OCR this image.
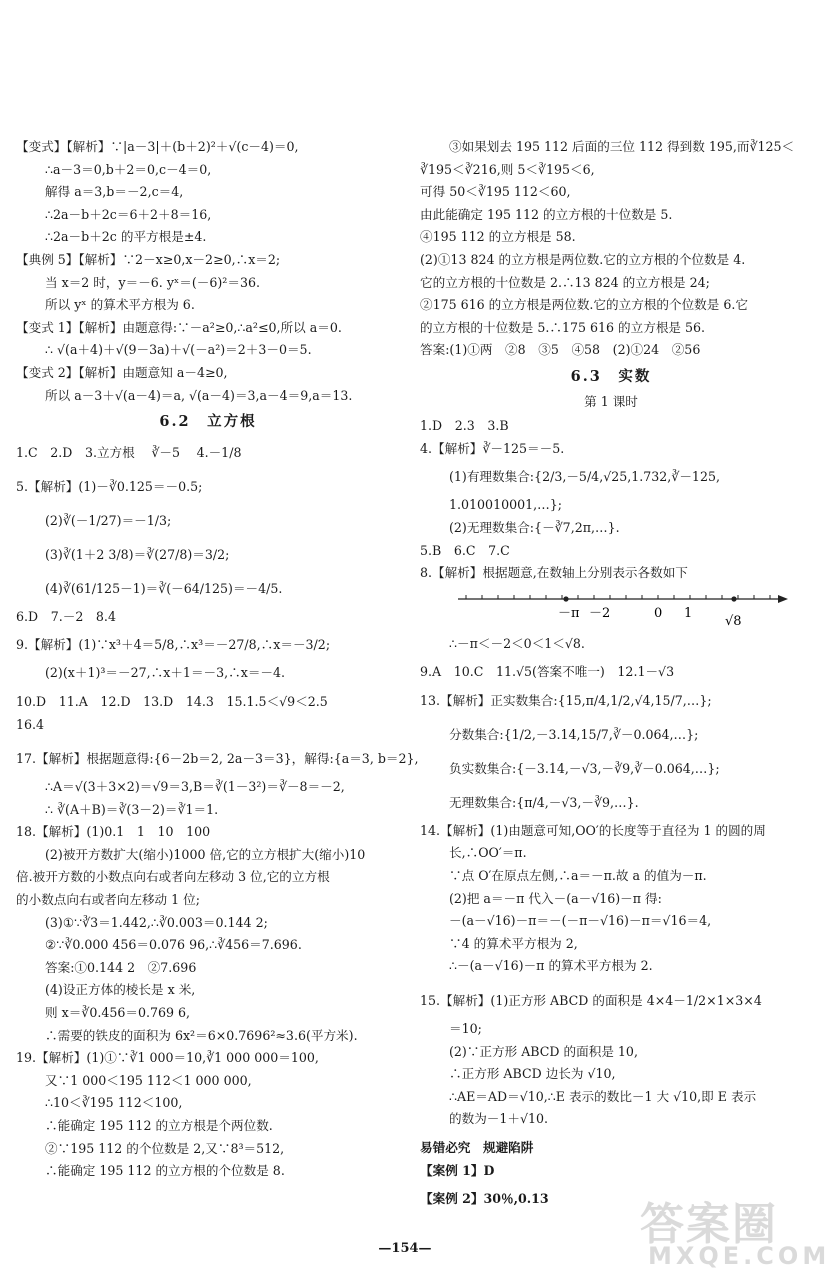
【变式】【解析】∵|a－3|＋(b＋2)²＋√(c－4)＝0,
∴a－3＝0,b＋2＝0,c－4＝0,
解得 a＝3,b＝－2,c＝4,
∴2a－b＋2c＝6＋2＋8＝16,
∴2a－b＋2c 的平方根是±4.
【典例 5】【解析】∵2－x≥0,x－2≥0,∴x＝2;
当 x＝2 时，y＝－6. yˣ＝(－6)²＝36.
所以 yˣ 的算术平方根为 6.
【变式 1】【解析】由题意得:∵－a²≥0,∴a²≤0,所以 a＝0.
∴ √(a＋4)＋√(9－3a)＋√(－a²)＝2＋3－0＝5.
【变式 2】【解析】由题意知 a－4≥0,
所以 a－3＋√(a－4)＝a, √(a－4)＝3,a－4＝9,a＝13.
6.2　立方根
1.C　2.D　3.立方根　 ∛－5 　4.－1/8
5.【解析】(1)－∛0.125＝－0.5;
(2)∛(－1/27)＝－1/3;
(3)∛(1＋2 3/8)＝∛(27/8)＝3/2;
(4)∛(61/125－1)＝∛(－64/125)＝－4/5.
6.D　7.－2　8.4
9.【解析】(1)∵x³＋4＝5/8,∴x³＝－27/8,∴x＝－3/2;
(2)(x＋1)³＝－27,∴x＋1＝－3,∴x＝－4.
10.D　11.A　12.D　13.D　14.3　15.1.5＜√9＜2.5
16.4
17.【解析】根据题意得:{6－2b＝2, 2a－3＝3}，解得:{a＝3, b＝2},
∴A＝√(3＋3×2)＝√9＝3,B＝∛(1－3²)＝∛－8＝－2,
∴ ∛(A＋B)＝∛(3－2)＝∛1＝1.
18.【解析】(1)0.1　1　10　100
(2)被开方数扩大(缩小)1000 倍,它的立方根扩大(缩小)10
倍.被开方数的小数点向右或者向左移动 3 位,它的立方根
的小数点向右或者向左移动 1 位;
(3)①∵∛3＝1.442,∴∛0.003＝0.144 2;
②∵∛0.000 456＝0.076 96,∴∛456＝7.696.
答案:①0.144 2　②7.696
(4)设正方体的棱长是 x 米,
则 x＝∛0.456＝0.769 6,
∴需要的铁皮的面积为 6x²＝6×0.7696²≈3.6(平方米).
19.【解析】(1)①∵∛1 000＝10,∛1 000 000＝100,
又∵1 000＜195 112＜1 000 000,
∴10＜∛195 112＜100,
∴能确定 195 112 的立方根是个两位数.
②∵195 112 的个位数是 2,又∵8³＝512,
∴能确定 195 112 的立方根的个位数是 8.
③如果划去 195 112 后面的三位 112 得到数 195,而∛125＜
∛195＜∛216,则 5＜∛195＜6,
可得 50＜∛195 112＜60,
由此能确定 195 112 的立方根的十位数是 5.
④195 112 的立方根是 58.
(2)①13 824 的立方根是两位数.它的立方根的个位数是 4.
它的立方根的十位数是 2.∴13 824 的立方根是 24;
②175 616 的立方根是两位数.它的立方根的个位数是 6.它
的立方根的十位数是 5.∴175 616 的立方根是 56.
答案:(1)①两　②8　③5　④58　(2)①24　②56
6.3　实数
第 1 课时
1.D　2.3　3.B
4.【解析】∛－125＝－5.
(1)有理数集合:{2/3,－5/4,√25,1.732,∛－125,
1.010010001,…};
(2)无理数集合:{－∛7,2π,…}.
5.B　6.C　7.C
8.【解析】根据题意,在数轴上分别表示各数如下
－π －2	0 1
√8
∴－π＜－2＜0＜1＜√8.
9.A　10.C　11.√5(答案不唯一)　12.1－√3
13.【解析】正实数集合:{15,π/4,1/2,√4,15/7,…};
分数集合:{1/2,－3.14,15/7,∛－0.064,…};
负实数集合:{－3.14,－√3,－∛9,∛－0.064,…};
无理数集合:{π/4,－√3,－∛9,…}.
14.【解析】(1)由题意可知,OO′的长度等于直径为 1 的圆的周
长,∴OO′＝π.
∵点 O′在原点左侧,∴a＝－π.故 a 的值为－π.
(2)把 a＝－π 代入－(a－√16)－π 得:
－(a－√16)－π＝－(－π－√16)－π＝√16＝4,
∵4 的算术平方根为 2,
∴－(a－√16)－π 的算术平方根为 2.
15.【解析】(1)正方形 ABCD 的面积是 4×4－1/2×1×3×4
＝10;
(2)∵正方形 ABCD 的面积是 10,
∴正方形 ABCD 边长为 √10,
∴AE＝AD＝√10,∴E 表示的数比－1 大 √10,即 E 表示
的数为－1＋√10.
易错必究　规避陷阱
【案例 1】D
【案例 2】30％,0.13
—154—	答案圈
MXQE.COM
